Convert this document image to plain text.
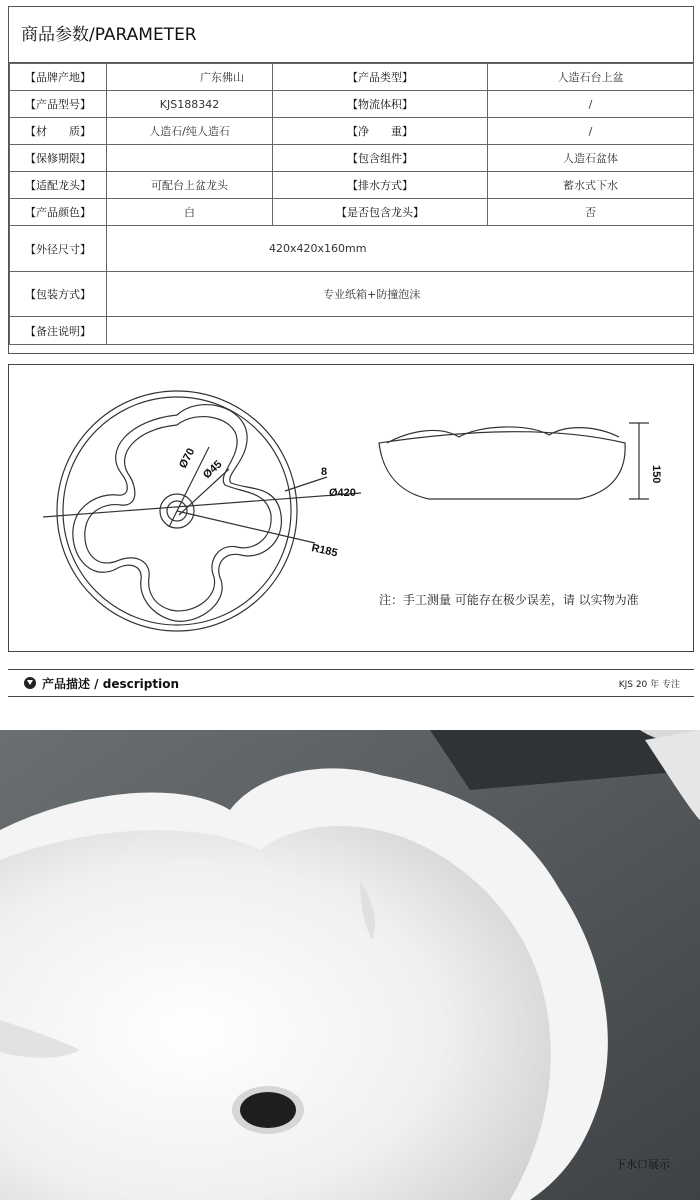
商品参数/PARAMETER
【品牌产地】	广东佛山	【产品类型】	人造石台上盆
【产品型号】	KJS188342	【物流体积】	/
【材　　质】	人造石/纯人造石	【净　　重】	/
【保修期限】		【包含组件】	人造石盆体
【适配龙头】	可配台上盆龙头	【排水方式】	蓄水式下水
【产品颜色】	白	【是否包含龙头】	否
【外径尺寸】	420x420x160mm		
【包装方式】	专业纸箱+防撞泡沫		
【备注说明】			
Ø70 Ø45	8
Ø420
R185
150
注：手工测量 可能存在极少误差，请 以实物为准
产品描述 / description	KJS 20 年 专注
下水口展示
